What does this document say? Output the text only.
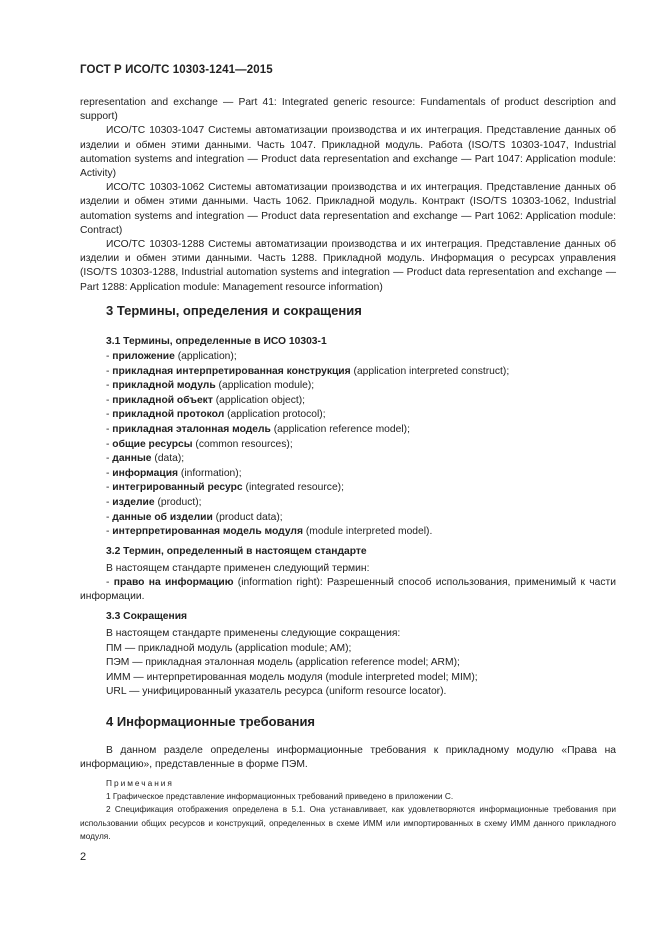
ГОСТ Р ИСО/ТС 10303-1241—2015

representation and exchange — Part 41: Integrated generic resource: Fundamentals of product description and support)

ИСО/ТС 10303-1047 Системы автоматизации производства и их интеграция. Представление данных об изделии и обмен этими данными. Часть 1047. Прикладной модуль. Работа (ISO/TS 10303-1047, Industrial automation systems and integration — Product data representation and exchange — Part 1047: Application module: Activity)

ИСО/ТС 10303-1062 Системы автоматизации производства и их интеграция. Представление данных об изделии и обмен этими данными. Часть 1062. Прикладной модуль. Контракт (ISO/TS 10303-1062, Industrial automation systems and integration — Product data representation and exchange — Part 1062: Application module: Contract)

ИСО/ТС 10303-1288 Системы автоматизации производства и их интеграция. Представление данных об изделии и обмен этими данными. Часть 1288. Прикладной модуль. Информация о ресурсах управления (ISO/TS 10303-1288, Industrial automation systems and integration — Product data representation and exchange — Part 1288: Application module: Management resource information)

3 Термины, определения и сокращения
3.1 Термины, определенные в ИСО 10303-1
- приложение (application);
- прикладная интерпретированная конструкция (application interpreted construct);
- прикладной модуль (application module);
- прикладной объект (application object);
- прикладной протокол (application protocol);
- прикладная эталонная модель (application reference model);
- общие ресурсы (common resources);
- данные (data);
- информация (information);
- интегрированный ресурс (integrated resource);
- изделие (product);
- данные об изделии (product data);
- интерпретированная модель модуля (module interpreted model).
3.2 Термин, определенный в настоящем стандарте

В настоящем стандарте применен следующий термин:

- право на информацию (information right): Разрешенный способ использования, применимый к части информации.

3.3 Сокращения
В настоящем стандарте применены следующие сокращения:
ПМ — прикладной модуль (application module; AM);
ПЭМ — прикладная эталонная модель (application reference model; ARM);
ИММ — интерпретированная модель модуля (module interpreted model; MIM);
URL — унифицированный указатель ресурса (uniform resource locator).
4 Информационные требования

В данном разделе определены информационные требования к прикладному модулю «Права на информацию», представленные в форме ПЭМ.

Примечания

1 Графическое представление информационных требований приведено в приложении C.

2 Спецификация отображения определена в 5.1. Она устанавливает, как удовлетворяются информационные требования при использовании общих ресурсов и конструкций, определенных в схеме ИММ или импортированных в схему ИММ данного прикладного модуля.

2
